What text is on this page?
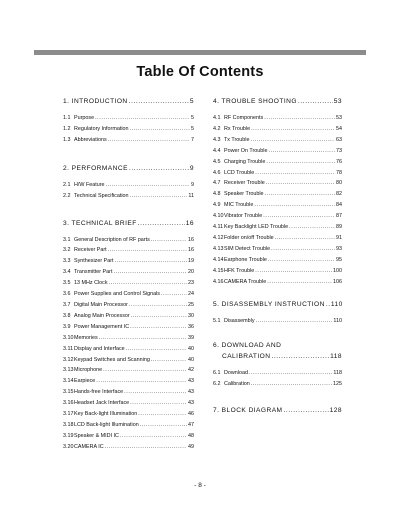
Table Of Contents
1. INTRODUCTION .....	5
1.1 Purpose .....	5
1.2 Regulatory Information .....	5
1.3 Abbreviations .....	7
2. PERFORMANCE .....	9
2.1 H/W Feature .....	9
2.2 Technical Specification .....	11
3. TECHNICAL BRIEF .....	16
3.1 General Description of RF parts .....	16
3.2 Receiver Part .....	16
3.3 Synthesizer Part .....	19
3.4 Transmitter Part .....	20
3.5 13 MHz Clock .....	23
3.6 Power Supplies and Control Signals .....	24
3.7 Digital Main Processor .....	25
3.8 Analog Main Processor .....	30
3.9 Power Management IC .....	36
3.10 Memories .....	39
3.11 Display and Interface .....	40
3.12 Keypad Switches and Scanning .....	40
3.13 Microphone .....	42
3.14 Earpiece .....	43
3.15 Hands-free Interface .....	43
3.16 Headset Jack Interface .....	43
3.17 Key Back-light Illumination .....	46
3.18 LCD Back-light Illumination .....	47
3.19 Speaker & MIDI IC .....	48
3.20 CAMERA IC .....	49
4. TROUBLE SHOOTING .....	53
4.1 RF Components .....	53
4.2 Rx Trouble .....	54
4.3 Tx Trouble .....	63
4.4 Power On Trouble .....	73
4.5 Charging Trouble .....	76
4.6 LCD Trouble .....	78
4.7 Receiver Trouble .....	80
4.8 Speaker Trouble .....	82
4.9 MIC Trouble .....	84
4.10 Vibrator Trouble .....	87
4.11 Key Backlight LED Trouble .....	89
4.12 Folder on/off Trouble .....	91
4.13 SIM Detect Trouble .....	93
4.14 Earphone Trouble .....	95
4.15 HFK Trouble .....	100
4.16 CAMERA Trouble .....	106
5. DISASSEMBLY INSTRUCTION ..... 110
5.1 Disassembly .....	110
6. DOWNLOAD AND
CALIBRATION .....	118
6.1 Download .....	118
6.2 Calibration .....	125
7. BLOCK DIAGRAM .....	128
- 8 -
